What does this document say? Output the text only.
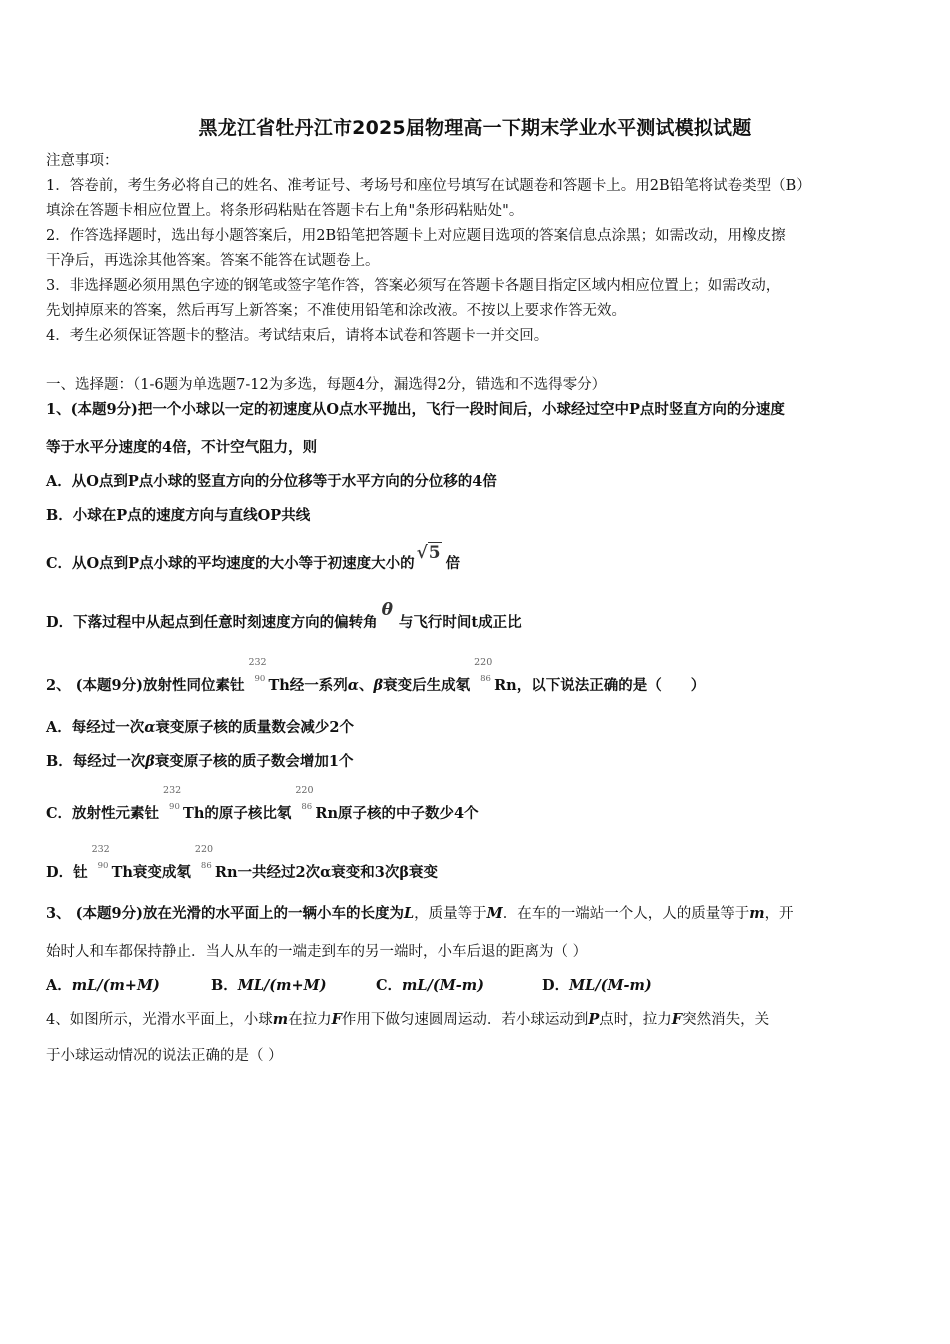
黑龙江省牡丹江市2025届物理高一下期末学业水平测试模拟试题
注意事项：
1．答卷前，考生务必将自己的姓名、准考证号、考场号和座位号填写在试题卷和答题卡上。用2B铅笔将试卷类型（B）
填涂在答题卡相应位置上。将条形码粘贴在答题卡右上角"条形码粘贴处"。
2．作答选择题时，选出每小题答案后，用2B铅笔把答题卡上对应题目选项的答案信息点涂黑；如需改动，用橡皮擦
干净后，再选涂其他答案。答案不能答在试题卷上。
3．非选择题必须用黑色字迹的钢笔或签字笔作答，答案必须写在答题卡各题目指定区域内相应位置上；如需改动，
先划掉原来的答案，然后再写上新答案；不准使用铅笔和涂改液。不按以上要求作答无效。
4．考生必须保证答题卡的整洁。考试结束后，请将本试卷和答题卡一并交回。
一、选择题：（1-6题为单选题7-12为多选，每题4分，漏选得2分，错选和不选得零分）
1、(本题9分)把一个小球以一定的初速度从O点水平抛出，飞行一段时间后，小球经过空中P点时竖直方向的分速度
等于水平分速度的4倍，不计空气阻力，则
A．从O点到P点小球的竖直方向的分位移等于水平方向的分位移的4倍
B．小球在P点的速度方向与直线OP共线
C．从O点到P点小球的平均速度的大小等于初速度大小的√5倍
D．下落过程中从起点到任意时刻速度方向的偏转角θ与飞行时间t成正比
2、 (本题9分)放射性同位素钍
232
90 Th经一系列α、β衰变后生成氡
220
86 Rn，以下说法正确的是（　　）
A．每经过一次α衰变原子核的质量数会减少2个
B．每经过一次β衰变原子核的质子数会增加1个
C．放射性元素钍
232
90 Th的原子核比氡
220
86 Rn原子核的中子数少4个
D．钍
232
90 Th衰变成氡
220
86 Rn一共经过2次α衰变和3次β衰变
3、 (本题9分)放在光滑的水平面上的一辆小车的长度为L，质量等于M．在车的一端站一个人，人的质量等于m，开
始时人和车都保持静止．当人从车的一端走到车的另一端时，小车后退的距离为（ ）
A．mL/(m+M)	B．ML/(m+M)	C．mL/(M-m)	D．ML/(M-m)
4、如图所示，光滑水平面上，小球m在拉力F作用下做匀速圆周运动．若小球运动到P点时，拉力F突然消失，关
于小球运动情况的说法正确的是（ ）
